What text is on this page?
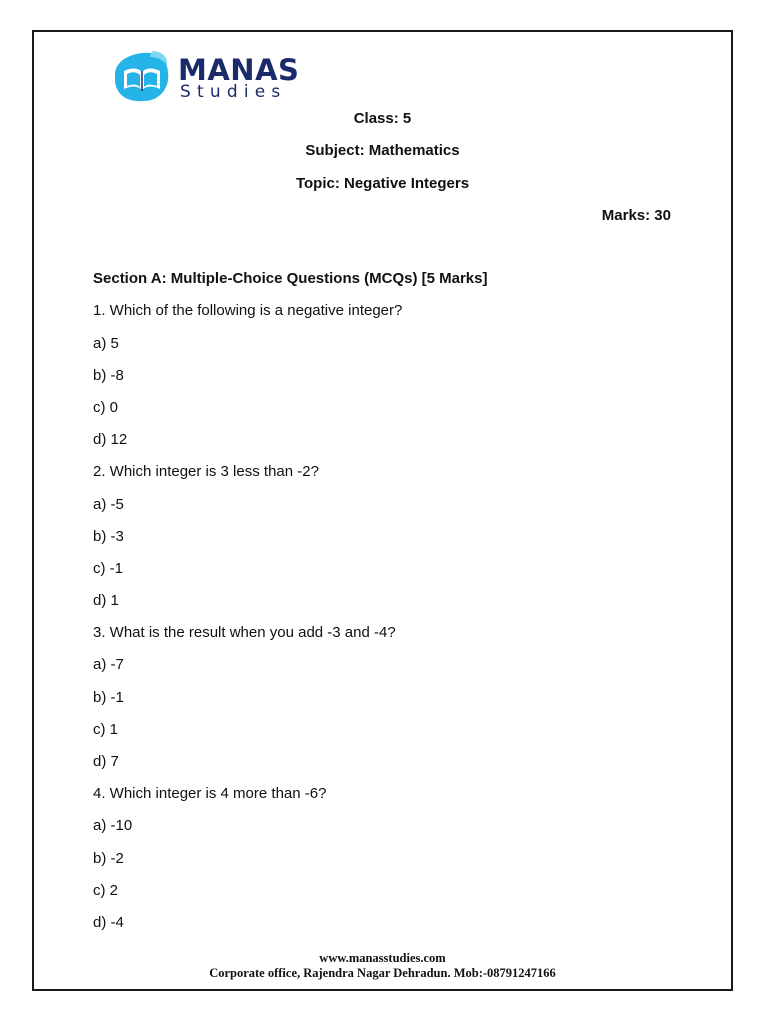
MANAS
Studies
Class: 5
Subject: Mathematics
Topic: Negative Integers
Marks: 30
Section A: Multiple-Choice Questions (MCQs) [5 Marks]
1. Which of the following is a negative integer?
a) 5
b) -8
c) 0
d) 12
2. Which integer is 3 less than -2?
a) -5
b) -3
c) -1
d) 1
3. What is the result when you add -3 and -4?
a) -7
b) -1
c) 1
d) 7
4. Which integer is 4 more than -6?
a) -10
b) -2
c) 2
d) -4
www.manasstudies.com
Corporate office, Rajendra Nagar Dehradun. Mob:-08791247166
